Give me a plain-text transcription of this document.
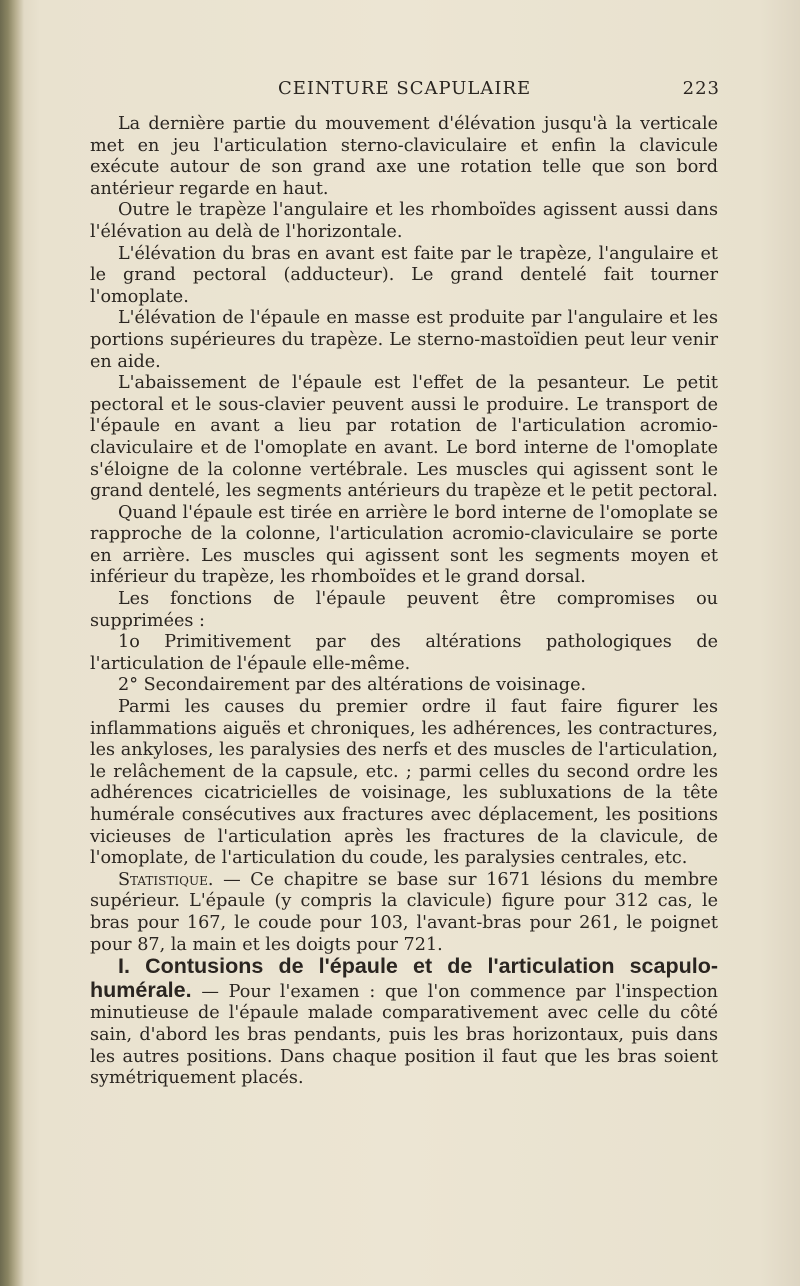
CEINTURE SCAPULAIRE	223

La dernière partie du mouvement d'élévation jusqu'à la verticale met en jeu l'articulation sterno-claviculaire et enfin la clavicule exécute autour de son grand axe une rotation telle que son bord antérieur regarde en haut.

Outre le trapèze l'angulaire et les rhomboïdes agissent aussi dans l'élévation au delà de l'horizontale.

L'élévation du bras en avant est faite par le trapèze, l'angulaire et le grand pectoral (adducteur). Le grand dentelé fait tourner l'omoplate.

L'élévation de l'épaule en masse est produite par l'angulaire et les portions supérieures du trapèze. Le sterno-mastoïdien peut leur venir en aide.

L'abaissement de l'épaule est l'effet de la pesanteur. Le petit pectoral et le sous-clavier peuvent aussi le produire. Le transport de l'épaule en avant a lieu par rotation de l'articulation acromio-claviculaire et de l'omoplate en avant. Le bord interne de l'omoplate s'éloigne de la colonne vertébrale. Les muscles qui agissent sont le grand dentelé, les segments antérieurs du trapèze et le petit pectoral.

Quand l'épaule est tirée en arrière le bord interne de l'omoplate se rapproche de la colonne, l'articulation acromio-claviculaire se porte en arrière. Les muscles qui agissent sont les segments moyen et inférieur du trapèze, les rhomboïdes et le grand dorsal.

Les fonctions de l'épaule peuvent être compromises ou supprimées :

1o Primitivement par des altérations pathologiques de l'articulation de l'épaule elle-même.

2° Secondairement par des altérations de voisinage.

Parmi les causes du premier ordre il faut faire figurer les inflammations aiguës et chroniques, les adhérences, les contractures, les ankyloses, les paralysies des nerfs et des muscles de l'articulation, le relâchement de la capsule, etc. ; parmi celles du second ordre les adhérences cicatricielles de voisinage, les subluxations de la tête humérale consécutives aux fractures avec déplacement, les positions vicieuses de l'articulation après les fractures de la clavicule, de l'omoplate, de l'articulation du coude, les paralysies centrales, etc.

Statistique. — Ce chapitre se base sur 1671 lésions du membre supérieur. L'épaule (y compris la clavicule) figure pour 312 cas, le bras pour 167, le coude pour 103, l'avant-bras pour 261, le poignet pour 87, la main et les doigts pour 721.

I. Contusions de l'épaule et de l'articulation scapulo-humérale. — Pour l'examen : que l'on commence par l'inspection minutieuse de l'épaule malade comparativement avec celle du côté sain, d'abord les bras pendants, puis les bras horizontaux, puis dans les autres positions. Dans chaque position il faut que les bras soient symétriquement placés.
